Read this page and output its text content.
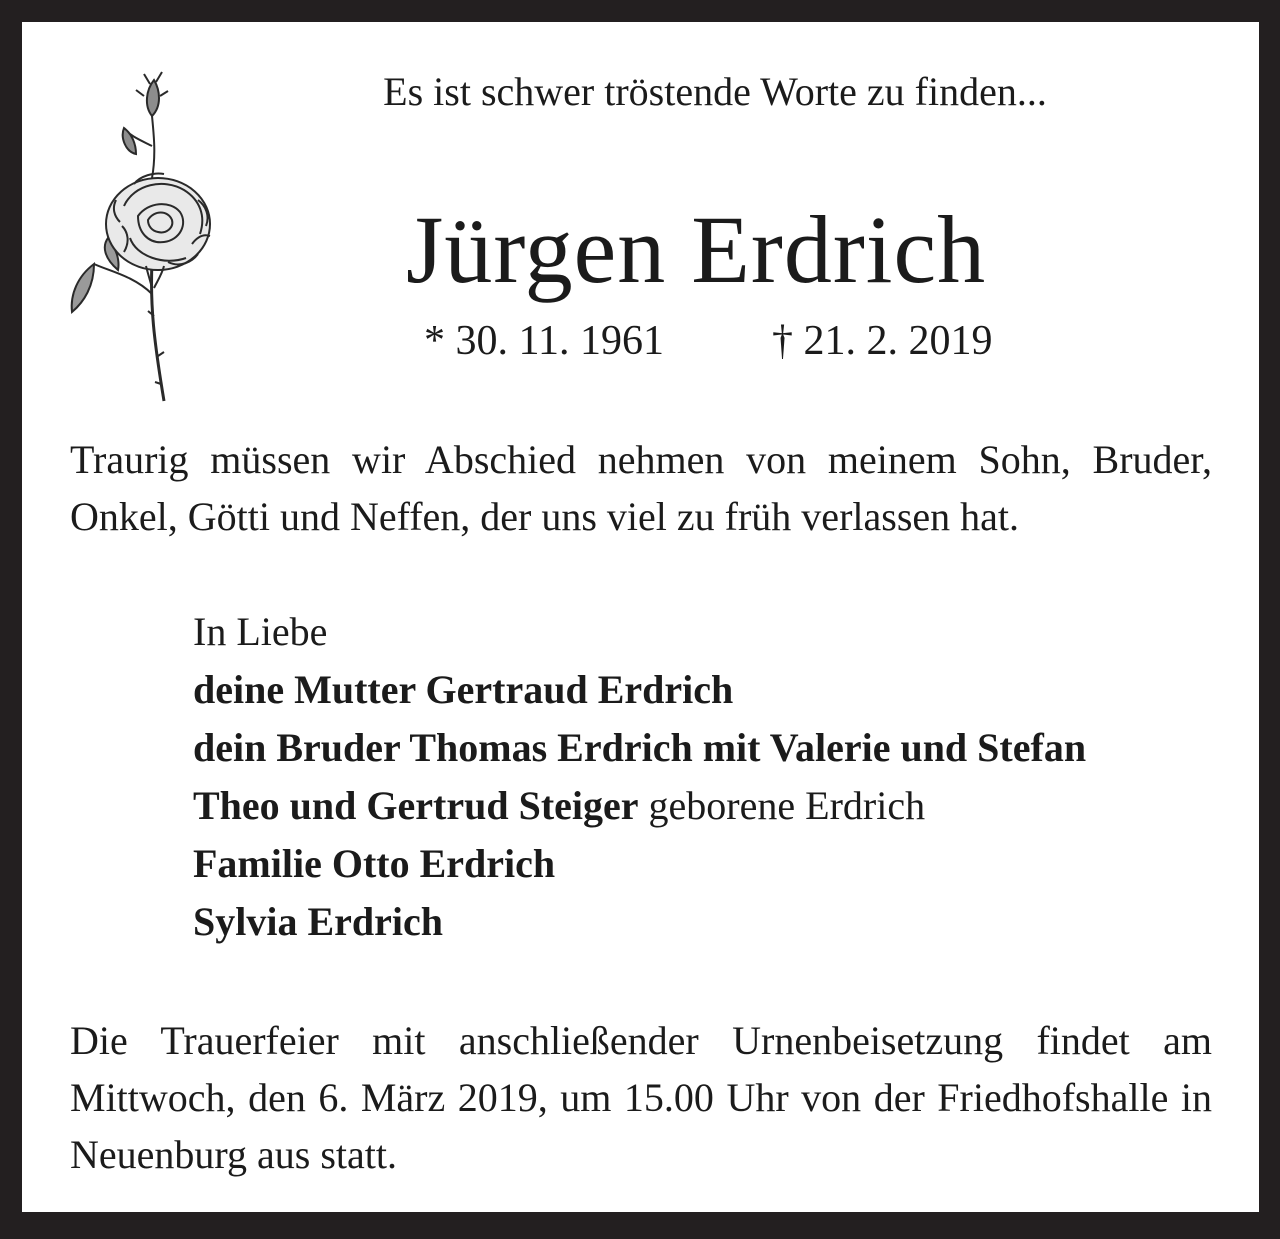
Es ist schwer tröstende Worte zu finden...
Jürgen Erdrich
* 30. 11. 1961	† 21. 2. 2019
Traurig müssen wir Abschied nehmen von meinem Sohn, Bruder, Onkel, Götti und Neffen, der uns viel zu früh verlassen hat.
In Liebe
deine Mutter Gertraud Erdrich
dein Bruder Thomas Erdrich mit Valerie und Stefan
Theo und Gertrud Steiger geborene Erdrich
Familie Otto Erdrich
Sylvia Erdrich
Die Trauerfeier mit anschließender Urnenbeisetzung findet am Mittwoch, den 6. März 2019, um 15.00 Uhr von der Friedhofshalle in Neuenburg aus statt.
